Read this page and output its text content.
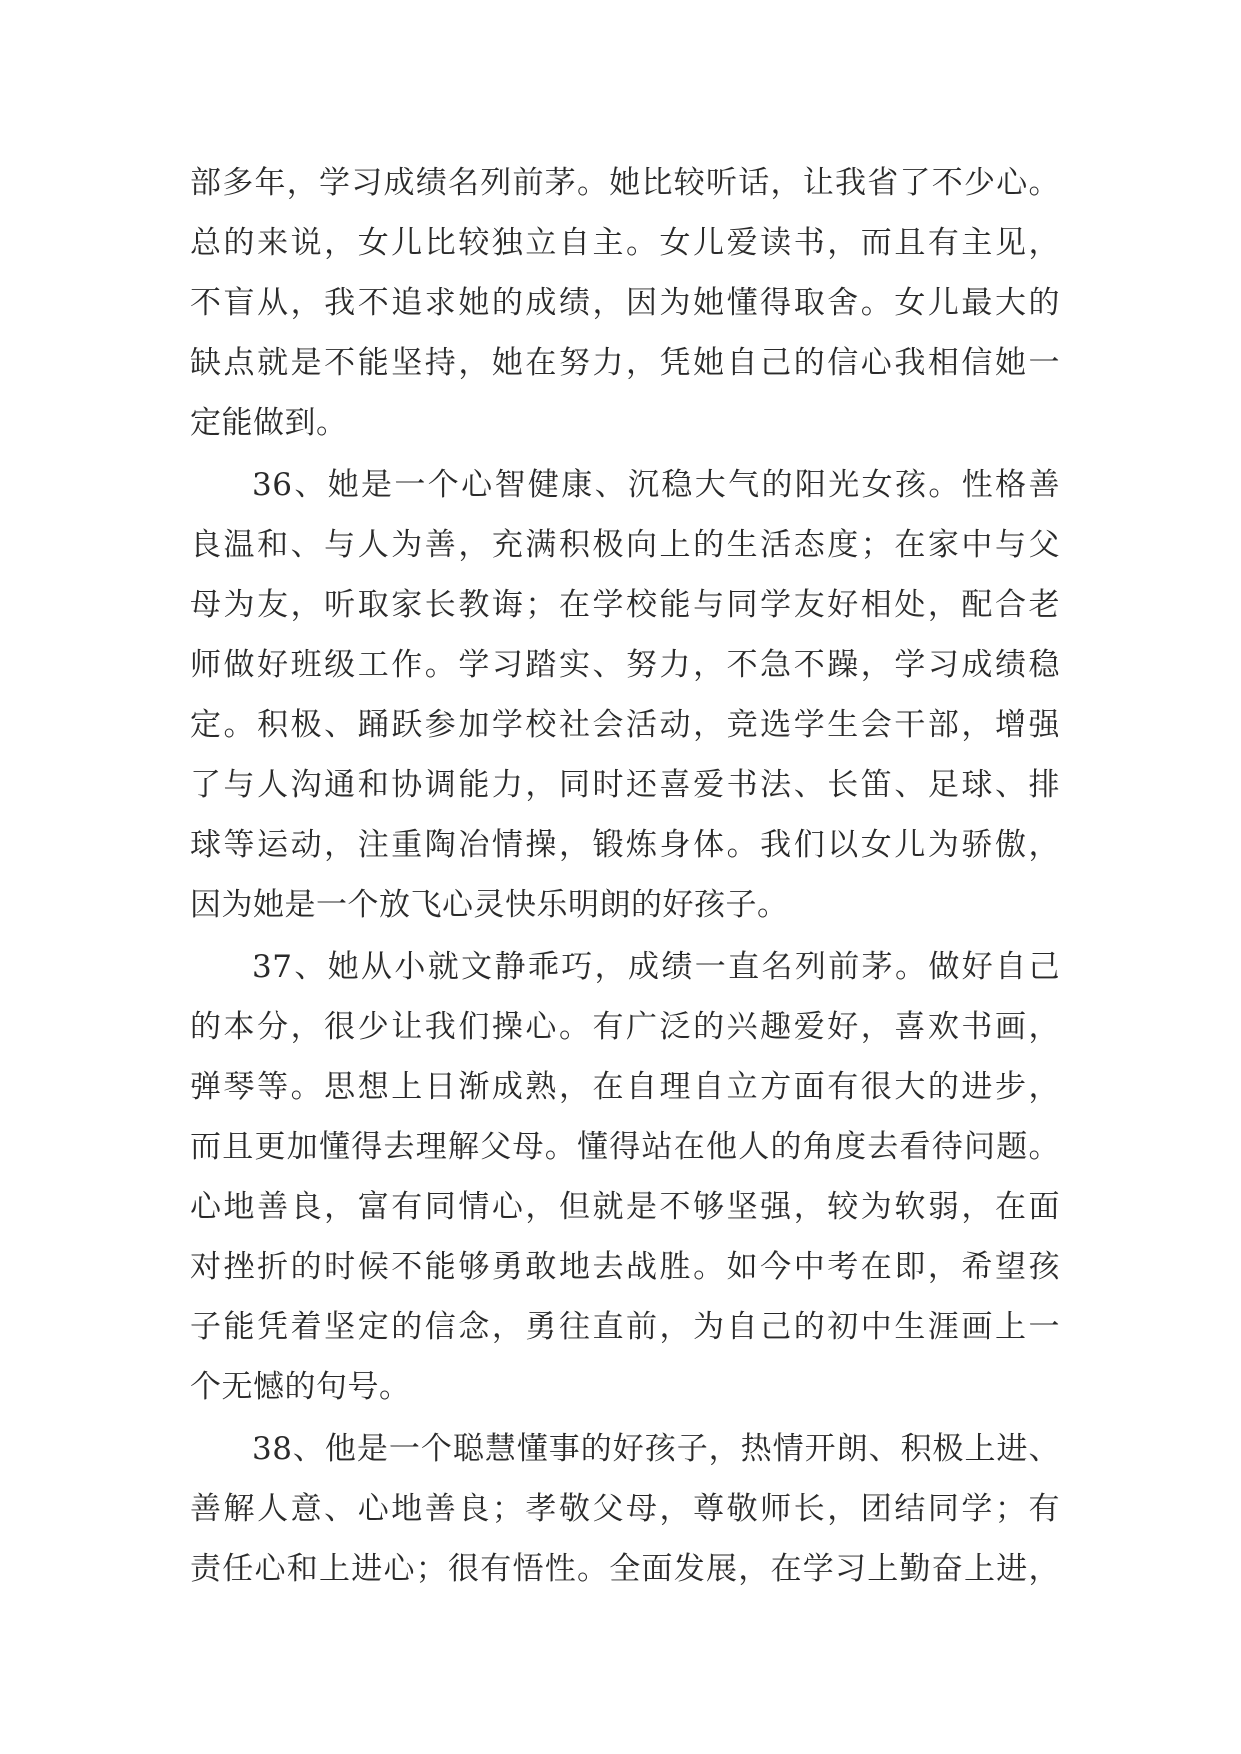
部多年，学习成绩名列前茅。她比较听话，让我省了不少心。
总的来说，女儿比较独立自主。女儿爱读书，而且有主见，
不盲从，我不追求她的成绩，因为她懂得取舍。女儿最大的
缺点就是不能坚持，她在努力，凭她自己的信心我相信她一
定能做到。
36、她是一个心智健康、沉稳大气的阳光女孩。性格善
良温和、与人为善，充满积极向上的生活态度；在家中与父
母为友，听取家长教诲；在学校能与同学友好相处，配合老
师做好班级工作。学习踏实、努力，不急不躁，学习成绩稳
定。积极、踊跃参加学校社会活动，竞选学生会干部，增强
了与人沟通和协调能力，同时还喜爱书法、长笛、足球、排
球等运动，注重陶冶情操，锻炼身体。我们以女儿为骄傲，
因为她是一个放飞心灵快乐明朗的好孩子。
37、她从小就文静乖巧，成绩一直名列前茅。做好自己
的本分，很少让我们操心。有广泛的兴趣爱好，喜欢书画，
弹琴等。思想上日渐成熟，在自理自立方面有很大的进步，
而且更加懂得去理解父母。懂得站在他人的角度去看待问题。
心地善良，富有同情心，但就是不够坚强，较为软弱，在面
对挫折的时候不能够勇敢地去战胜。如今中考在即，希望孩
子能凭着坚定的信念，勇往直前，为自己的初中生涯画上一
个无憾的句号。
38、他是一个聪慧懂事的好孩子，热情开朗、积极上进、
善解人意、心地善良；孝敬父母，尊敬师长，团结同学；有
责任心和上进心；很有悟性。全面发展，在学习上勤奋上进，
